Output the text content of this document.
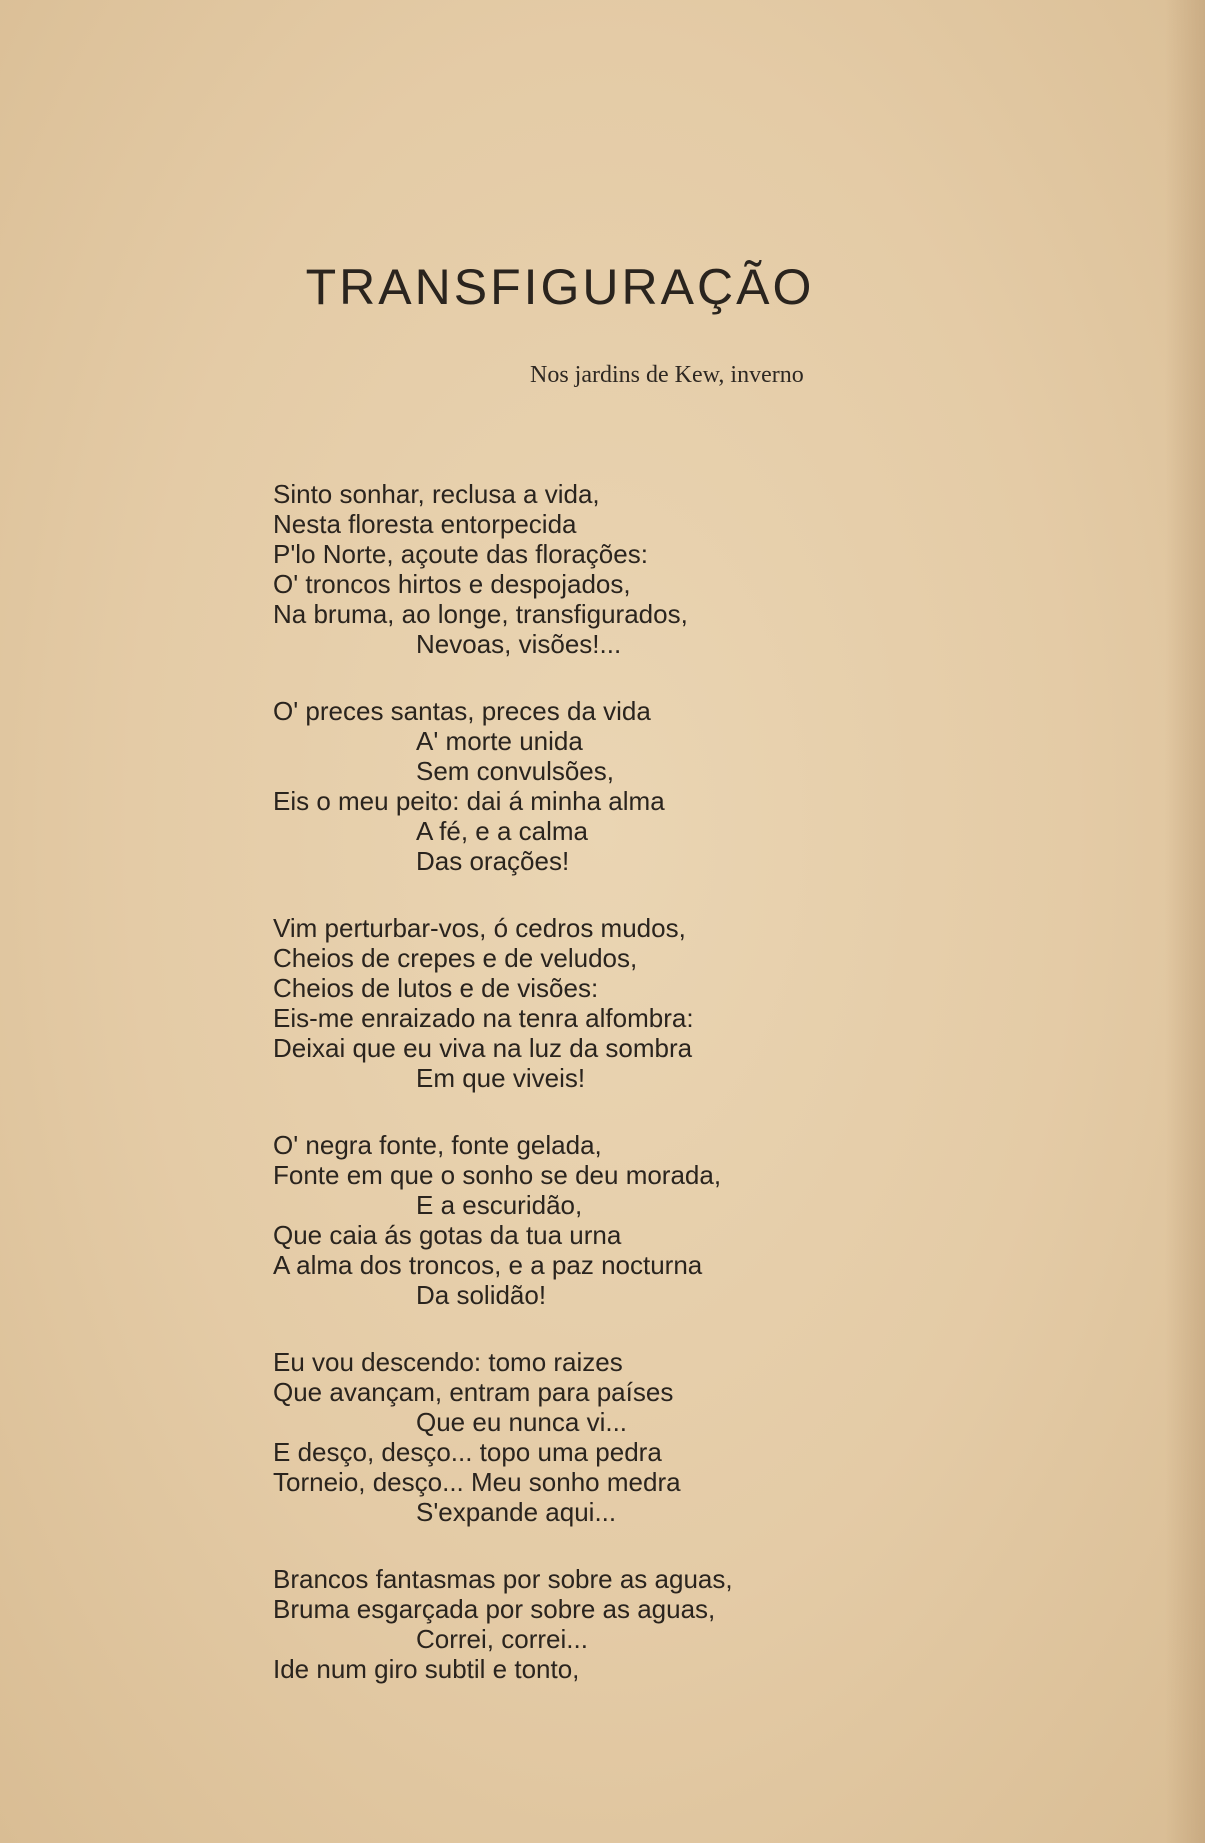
TRANSFIGURAÇÃO
Nos jardins de Kew, inverno
Sinto sonhar, reclusa a vida,
Nesta floresta entorpecida
P'lo Norte, açoute das florações:
O' troncos hirtos e despojados,
Na bruma, ao longe, transfigurados,
Nevoas, visões!...
O' preces santas, preces da vida
A' morte unida
Sem convulsões,
Eis o meu peito: dai á minha alma
A fé, e a calma
Das orações!
Vim perturbar-vos, ó cedros mudos,
Cheios de crepes e de veludos,
Cheios de lutos e de visões:
Eis-me enraizado na tenra alfombra:
Deixai que eu viva na luz da sombra
Em que viveis!
O' negra fonte, fonte gelada,
Fonte em que o sonho se deu morada,
E a escuridão,
Que caia ás gotas da tua urna
A alma dos troncos, e a paz nocturna
Da solidão!
Eu vou descendo: tomo raizes
Que avançam, entram para países
Que eu nunca vi...
E desço, desço... topo uma pedra
Torneio, desço... Meu sonho medra
S'expande aqui...
Brancos fantasmas por sobre as aguas,
Bruma esgarçada por sobre as aguas,
Correi, correi...
Ide num giro subtil e tonto,
